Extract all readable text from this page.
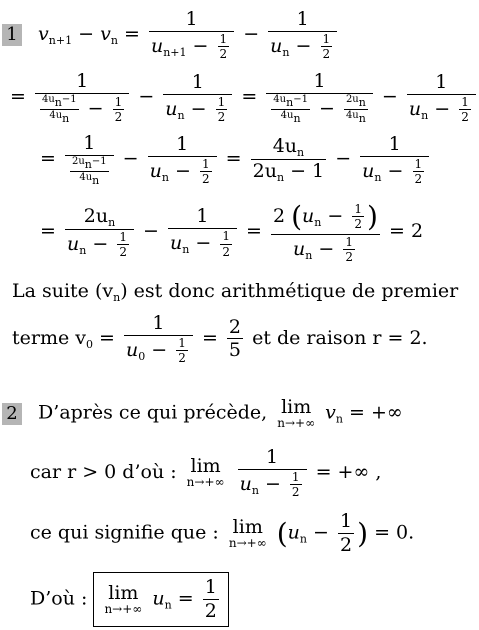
1 $v_{n+1} - v_n = \frac{1}{u_{n+1} - \frac{1}{2}} - \frac{1}{u_n - \frac{1}{2}}$
= $\frac{1}{\frac{4u_n-1}{4u_n} - \frac{1}{2}} - \frac{1}{u_n - \frac{1}{2}} = \frac{1}{\frac{4u_n-1}{4u_n} - \frac{2u_n}{4u_n}} - \frac{1}{u_n - \frac{1}{2}}$
= $\frac{1}{\frac{2u_n-1}{4u_n}} - \frac{1}{u_n - \frac{1}{2}} = \frac{4u_n}{2u_n - 1} - \frac{1}{u_n - \frac{1}{2}}$
= $\frac{2u_n}{u_n - \frac{1}{2}} - \frac{1}{u_n - \frac{1}{2}} = \frac{2 (u_n - \frac{1}{2} )}{u_n - \frac{1}{2}} = 2$
La suite $(v_n)$ est donc arithmétique de premier
terme $v_0 = \frac{1}{u_0 - \frac{1}{2}} = \frac{2}{5}$ et de raison r = 2.
2 D’après ce qui précède, lim
n→+∞ $v_n$ = +∞
car r > 0 d’où : lim
n→+∞
$\frac{1}{u_n - \frac{1}{2}}$ = +∞ ,
ce qui signifie que : lim
n→+∞ ($u_n - \frac{1}{2}$ ) = 0.
D’où : lim
n→+∞ $u_n = \frac{1}{2}$
